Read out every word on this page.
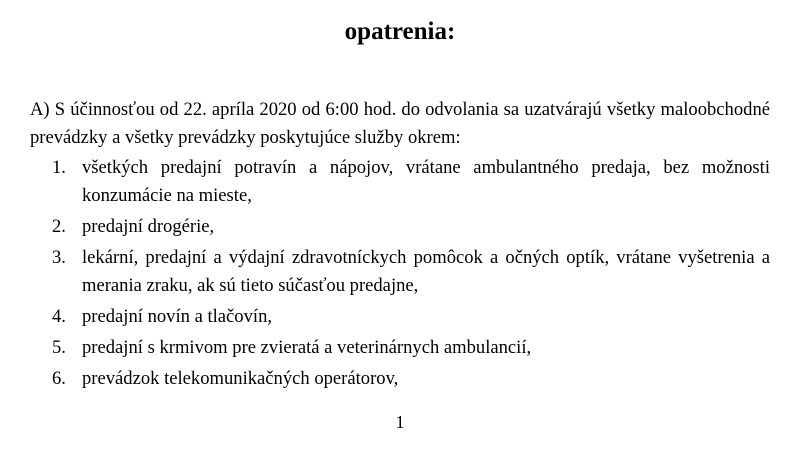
opatrenia:
A) S účinnosťou od 22. apríla 2020 od 6:00 hod. do odvolania sa uzatvárajú všetky maloobchodné prevádzky a všetky prevádzky poskytujúce služby okrem:
1. všetkých predajní potravín a nápojov, vrátane ambulantného predaja, bez možnosti konzumácie na mieste,
2. predajní drogérie,
3. lekární, predajní a výdajní zdravotníckych pomôcok a očných optík, vrátane vyšetrenia a merania zraku, ak sú tieto súčasťou predajne,
4. predajní novín a tlačovín,
5. predajní s krmivom pre zvieratá a veterinárnych ambulancií,
6. prevádzok telekomunikačných operátorov,
1
